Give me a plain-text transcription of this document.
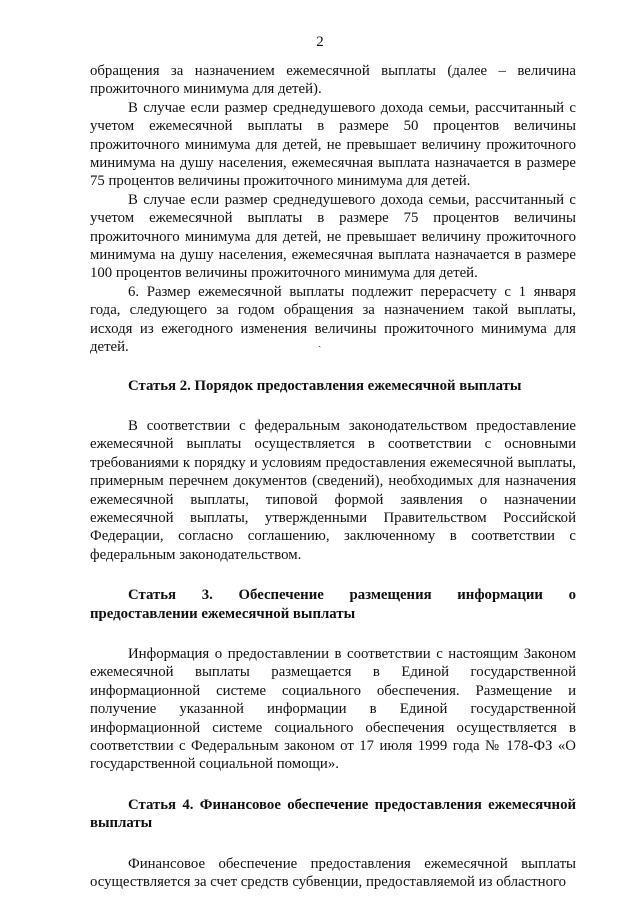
2

обращения за назначением ежемесячной выплаты (далее – величина прожиточного минимума для детей).

В случае если размер среднедушевого дохода семьи, рассчитанный с учетом ежемесячной выплаты в размере 50 процентов величины прожиточного минимума для детей, не превышает величину прожиточного минимума на душу населения, ежемесячная выплата назначается в размере 75 процентов величины прожиточного минимума для детей.

В случае если размер среднедушевого дохода семьи, рассчитанный с учетом ежемесячной выплаты в размере 75 процентов величины прожиточного минимума для детей, не превышает величину прожиточного минимума на душу населения, ежемесячная выплата назначается в размере 100 процентов величины прожиточного минимума для детей.

6. Размер ежемесячной выплаты подлежит перерасчету с 1 января года, следующего за годом обращения за назначением такой выплаты, исходя из ежегодного изменения величины прожиточного минимума для детей.

Статья 2. Порядок предоставления ежемесячной выплаты

В соответствии с федеральным законодательством предоставление ежемесячной выплаты осуществляется в соответствии с основными требованиями к порядку и условиям предоставления ежемесячной выплаты, примерным перечнем документов (сведений), необходимых для назначения ежемесячной выплаты, типовой формой заявления о назначении ежемесячной выплаты, утвержденными Правительством Российской Федерации, согласно соглашению, заключенному в соответствии с федеральным законодательством.

Статья 3. Обеспечение размещения информации о предоставлении ежемесячной выплаты

Информация о предоставлении в соответствии с настоящим Законом ежемесячной выплаты размещается в Единой государственной информационной системе социального обеспечения. Размещение и получение указанной информации в Единой государственной информационной системе социального обеспечения осуществляется в соответствии с Федеральным законом от 17 июля 1999 года № 178-ФЗ «О государственной социальной помощи».

Статья 4. Финансовое обеспечение предоставления ежемесячной выплаты

Финансовое обеспечение предоставления ежемесячной выплаты осуществляется за счет средств субвенции, предоставляемой из областного

ˏ
